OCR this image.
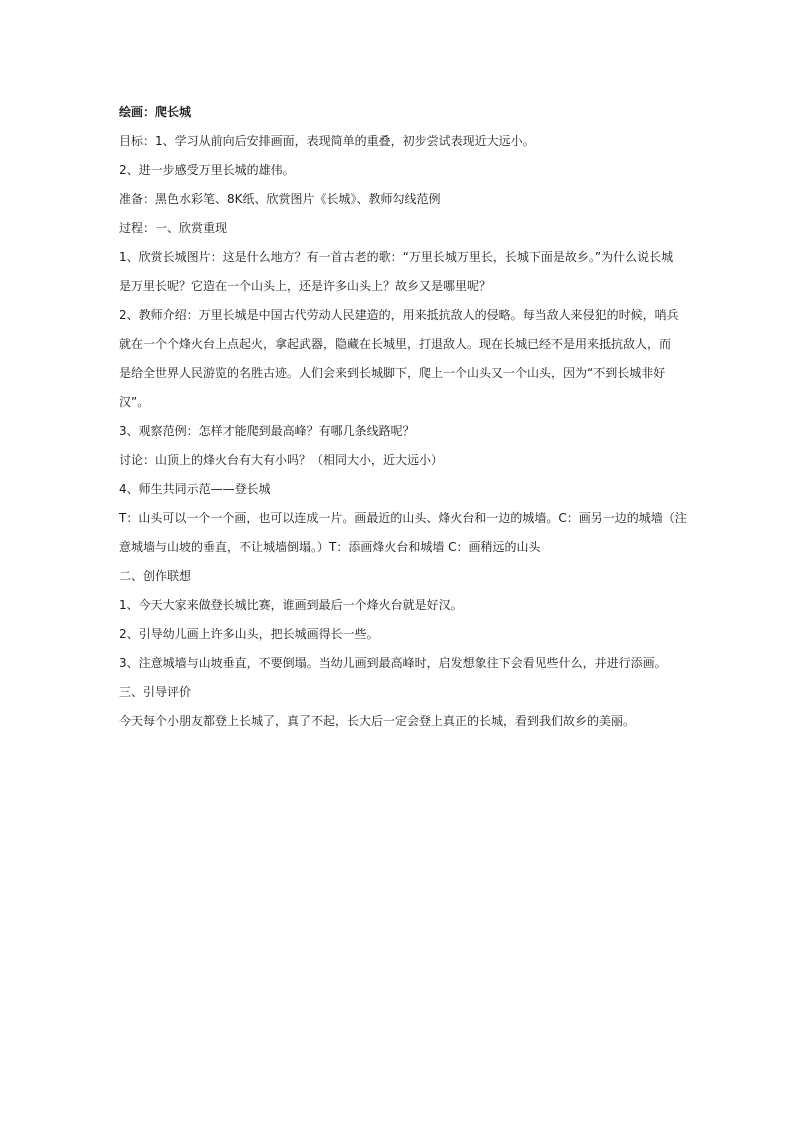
绘画：爬长城

目标：1、学习从前向后安排画面，表现简单的重叠，初步尝试表现近大远小。

2、进一步感受万里长城的雄伟。

准备：黑色水彩笔、8K纸、欣赏图片《长城》、教师勾线范例

过程：一、欣赏重现

1、欣赏长城图片：这是什么地方？有一首古老的歌：“万里长城万里长，长城下面是故乡。”为什么说长城

是万里长呢？它造在一个山头上，还是许多山头上？故乡又是哪里呢？

2、教师介绍：万里长城是中国古代劳动人民建造的，用来抵抗敌人的侵略。每当敌人来侵犯的时候，哨兵

就在一个个烽火台上点起火，拿起武器，隐藏在长城里，打退敌人。现在长城已经不是用来抵抗敌人，而

是给全世界人民游览的名胜古迹。人们会来到长城脚下，爬上一个山头又一个山头，因为“不到长城非好

汉”。

3、观察范例：怎样才能爬到最高峰？有哪几条线路呢？

讨论：山顶上的烽火台有大有小吗？（相同大小，近大远小）

4、师生共同示范——登长城

T：山头可以一个一个画，也可以连成一片。画最近的山头、烽火台和一边的城墙。C：画另一边的城墙（注

意城墙与山坡的垂直，不让城墙倒塌。）T：添画烽火台和城墙 C：画稍远的山头

二、创作联想

1、今天大家来做登长城比赛，谁画到最后一个烽火台就是好汉。

2、引导幼儿画上许多山头，把长城画得长一些。

3、注意城墙与山坡垂直，不要倒塌。当幼儿画到最高峰时，启发想象往下会看见些什么，并进行添画。

三、引导评价

今天每个小朋友都登上长城了，真了不起，长大后一定会登上真正的长城，看到我们故乡的美丽。
